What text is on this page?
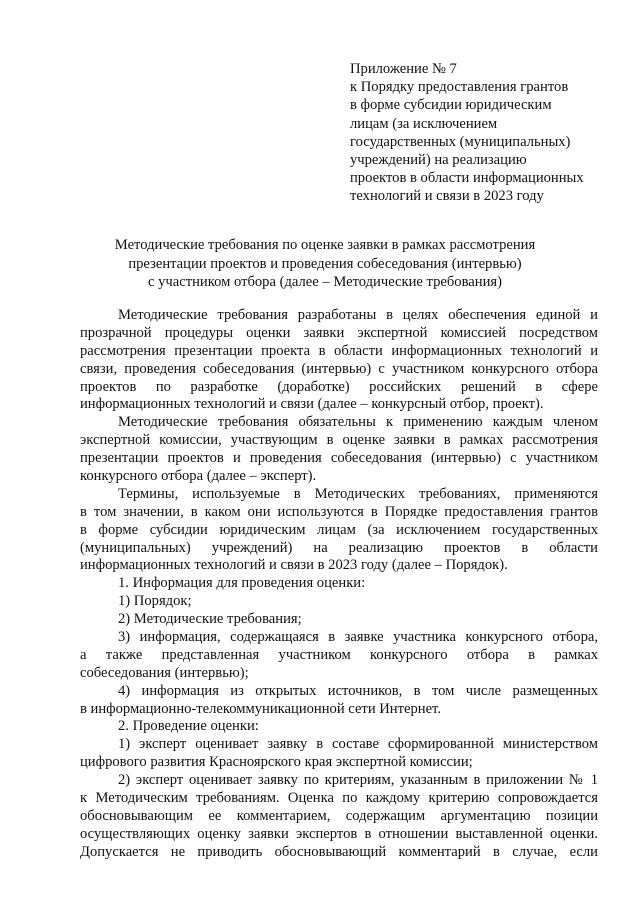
Приложение № 7
к Порядку предоставления грантов
в форме субсидии юридическим
лицам (за исключением
государственных (муниципальных)
учреждений) на реализацию
проектов в области информационных
технологий и связи в 2023 году
Методические требования по оценке заявки в рамках рассмотрения
презентации проектов и проведения собеседования (интервью)
с участником отбора (далее – Методические требования)
Методические требования разработаны в целях обеспечения единой и
прозрачной процедуры оценки заявки экспертной комиссией посредством
рассмотрения презентации проекта в области информационных технологий и
связи, проведения собеседования (интервью) с участником конкурсного отбора
проектов по разработке (доработке) российских решений в сфере
информационных технологий и связи (далее – конкурсный отбор, проект).
Методические требования обязательны к применению каждым членом
экспертной комиссии, участвующим в оценке заявки в рамках рассмотрения
презентации проектов и проведения собеседования (интервью) с участником
конкурсного отбора (далее – эксперт).
Термины, используемые в Методических требованиях, применяются
в том значении, в каком они используются в Порядке предоставления грантов
в форме субсидии юридическим лицам (за исключением государственных
(муниципальных) учреждений) на реализацию проектов в области
информационных технологий и связи в 2023 году (далее – Порядок).
1. Информация для проведения оценки:
1) Порядок;
2) Методические требования;
3) информация, содержащаяся в заявке участника конкурсного отбора,
а также представленная участником конкурсного отбора в рамках
собеседования (интервью);
4) информация из открытых источников, в том числе размещенных
в информационно-телекоммуникационной сети Интернет.
2. Проведение оценки:
1) эксперт оценивает заявку в составе сформированной министерством
цифрового развития Красноярского края экспертной комиссии;
2) эксперт оценивает заявку по критериям, указанным в приложении № 1
к Методическим требованиям. Оценка по каждому критерию сопровождается
обосновывающим ее комментарием, содержащим аргументацию позиции
осуществляющих оценку заявки экспертов в отношении выставленной оценки.
Допускается не приводить обосновывающий комментарий в случае, если
